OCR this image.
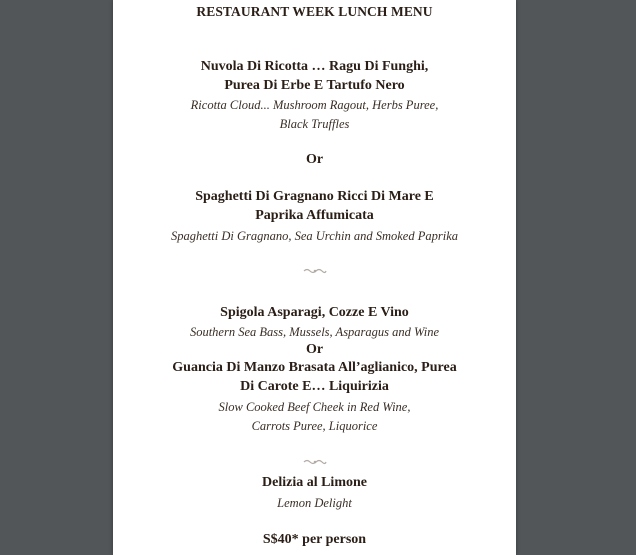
RESTAURANT WEEK LUNCH MENU
Nuvola Di Ricotta … Ragu Di Funghi,
Purea Di Erbe E Tartufo Nero
Ricotta Cloud... Mushroom Ragout, Herbs Puree,
Black Truffles
Or
Spaghetti Di Gragnano Ricci Di Mare E
Paprika Affumicata
Spaghetti Di Gragnano, Sea Urchin and Smoked Paprika
Spigola Asparagi, Cozze E Vino
Southern Sea Bass, Mussels, Asparagus and Wine
Or
Guancia Di Manzo Brasata All’aglianico, Purea
Di Carote E… Liquirizia
Slow Cooked Beef Cheek in Red Wine,
Carrots Puree, Liquorice
Delizia al Limone
Lemon Delight
S$40* per person
